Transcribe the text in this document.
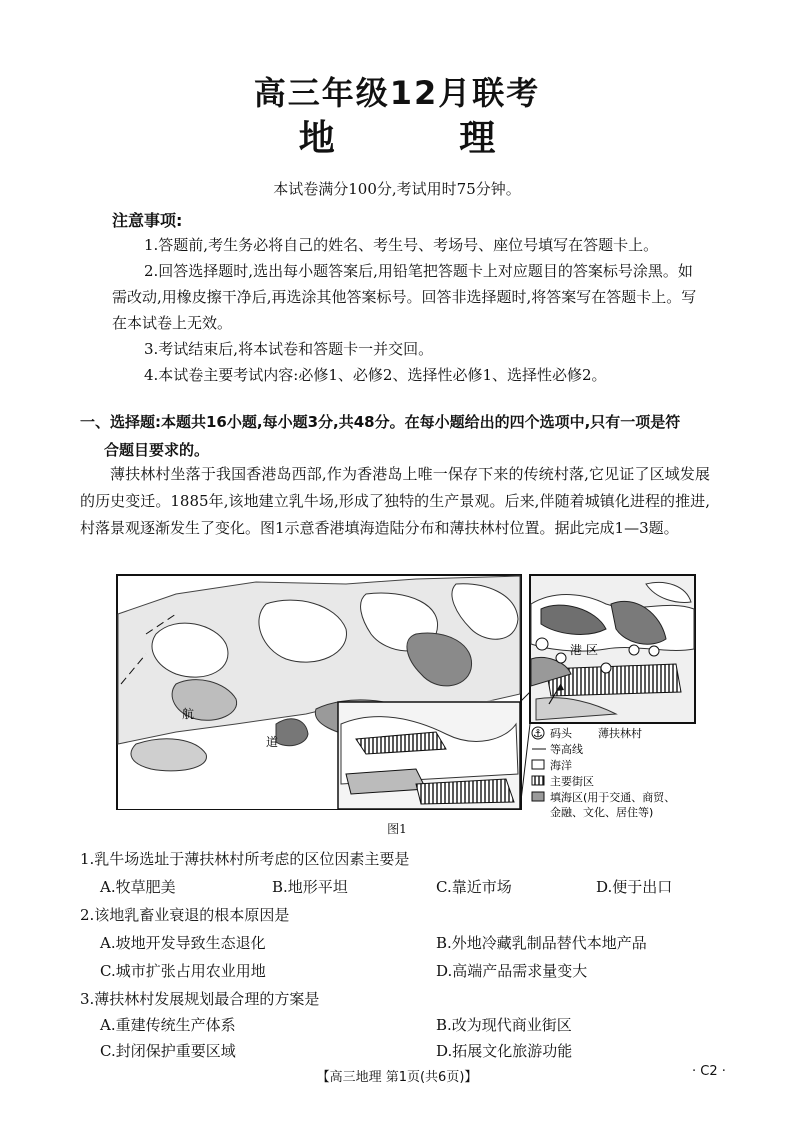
高三年级12月联考
地 理
本试卷满分100分,考试用时75分钟。
注意事项:
1.答题前,考生务必将自己的姓名、考生号、考场号、座位号填写在答题卡上。
2.回答选择题时,选出每小题答案后,用铅笔把答题卡上对应题目的答案标号涂黑。如需改动,用橡皮擦干净后,再选涂其他答案标号。回答非选择题时,将答案写在答题卡上。写在本试卷上无效。
3.考试结束后,将本试卷和答题卡一并交回。
4.本试卷主要考试内容:必修1、必修2、选择性必修1、选择性必修2。
一、选择题:本题共16小题,每小题3分,共48分。在每小题给出的四个选项中,只有一项是符
合题目要求的。
薄扶林村坐落于我国香港岛西部,作为香港岛上唯一保存下来的传统村落,它见证了区域发展的历史变迁。1885年,该地建立乳牛场,形成了独特的生产景观。后来,伴随着城镇化进程的推进,村落景观逐渐发生了变化。图1示意香港填海造陆分布和薄扶林村位置。据此完成1—3题。
⚓ 码头 薄扶林村
等高线
海洋
主要街区
填海区(用于交通、商贸、
金融、文化、居住等)
航
道
港 区
图1
1.乳牛场选址于薄扶林村所考虑的区位因素主要是
A.牧草肥美	B.地形平坦	C.靠近市场	D.便于出口
2.该地乳畜业衰退的根本原因是
A.坡地开发导致生态退化	B.外地冷藏乳制品替代本地产品
C.城市扩张占用农业用地	D.高端产品需求量变大
3.薄扶林村发展规划最合理的方案是
A.重建传统生产体系	B.改为现代商业街区
C.封闭保护重要区域	D.拓展文化旅游功能
【高三地理 第1页(共6页)】	· C2 ·
